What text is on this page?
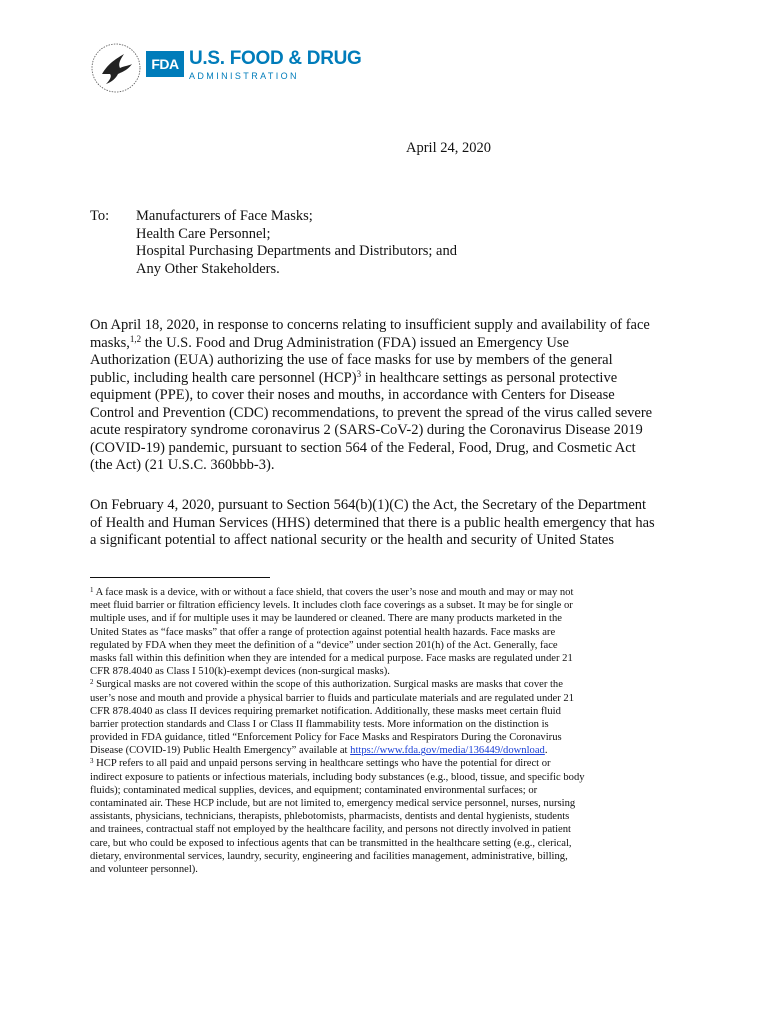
FDA U.S. FOOD & DRUG
ADMINISTRATION
April 24, 2020
To: Manufacturers of Face Masks;
Health Care Personnel;
Hospital Purchasing Departments and Distributors; and
Any Other Stakeholders.
On April 18, 2020, in response to concerns relating to insufficient supply and availability of face
masks,$^{1,2}$ the U.S. Food and Drug Administration (FDA) issued an Emergency Use
Authorization (EUA) authorizing the use of face masks for use by members of the general
public, including health care personnel (HCP)$^3$ in healthcare settings as personal protective
equipment (PPE), to cover their noses and mouths, in accordance with Centers for Disease
Control and Prevention (CDC) recommendations, to prevent the spread of the virus called severe
acute respiratory syndrome coronavirus 2 (SARS-CoV-2) during the Coronavirus Disease 2019
(COVID-19) pandemic, pursuant to section 564 of the Federal, Food, Drug, and Cosmetic Act
(the Act) (21 U.S.C. 360bbb-3).
On February 4, 2020, pursuant to Section 564(b)(1)(C) the Act, the Secretary of the Department
of Health and Human Services (HHS) determined that there is a public health emergency that has
a significant potential to affect national security or the health and security of United States
$^1$ A face mask is a device, with or without a face shield, that covers the user’s nose and mouth and may or may not
meet fluid barrier or filtration efficiency levels. It includes cloth face coverings as a subset. It may be for single or
multiple uses, and if for multiple uses it may be laundered or cleaned. There are many products marketed in the
United States as “face masks” that offer a range of protection against potential health hazards. Face masks are
regulated by FDA when they meet the definition of a “device” under section 201(h) of the Act. Generally, face
masks fall within this definition when they are intended for a medical purpose. Face masks are regulated under 21
CFR 878.4040 as Class I 510(k)-exempt devices (non-surgical masks).
$^2$ Surgical masks are not covered within the scope of this authorization. Surgical masks are masks that cover the
user’s nose and mouth and provide a physical barrier to fluids and particulate materials and are regulated under 21
CFR 878.4040 as class II devices requiring premarket notification. Additionally, these masks meet certain fluid
barrier protection standards and Class I or Class II flammability tests. More information on the distinction is
provided in FDA guidance, titled “Enforcement Policy for Face Masks and Respirators During the Coronavirus
Disease (COVID-19) Public Health Emergency” available at https://www.fda.gov/media/136449/download.
$^3$ HCP refers to all paid and unpaid persons serving in healthcare settings who have the potential for direct or
indirect exposure to patients or infectious materials, including body substances (e.g., blood, tissue, and specific body
fluids); contaminated medical supplies, devices, and equipment; contaminated environmental surfaces; or
contaminated air. These HCP include, but are not limited to, emergency medical service personnel, nurses, nursing
assistants, physicians, technicians, therapists, phlebotomists, pharmacists, dentists and dental hygienists, students
and trainees, contractual staff not employed by the healthcare facility, and persons not directly involved in patient
care, but who could be exposed to infectious agents that can be transmitted in the healthcare setting (e.g., clerical,
dietary, environmental services, laundry, security, engineering and facilities management, administrative, billing,
and volunteer personnel).
